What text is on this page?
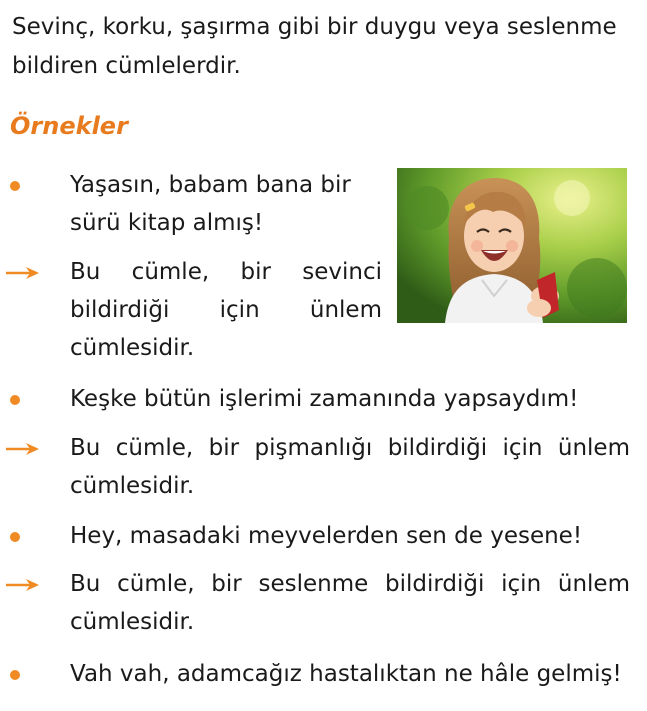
Sevinç, korku, şaşırma gibi bir duygu veya seslenme bildiren cümlelerdir.

Örnekler

Yaşasın, babam bana bir sürü kitap almış!

Bu cümle, bir sevinci bildirdiği için ünlem cümlesidir.

Keşke bütün işlerimi zamanında yapsaydım!

Bu cümle, bir pişmanlığı bildirdiği için ünlem cümlesidir.

Hey, masadaki meyvelerden sen de yesene!

Bu cümle, bir seslenme bildirdiği için ünlem cümlesidir.

Vah vah, adamcağız hastalıktan ne hâle gelmiş!
